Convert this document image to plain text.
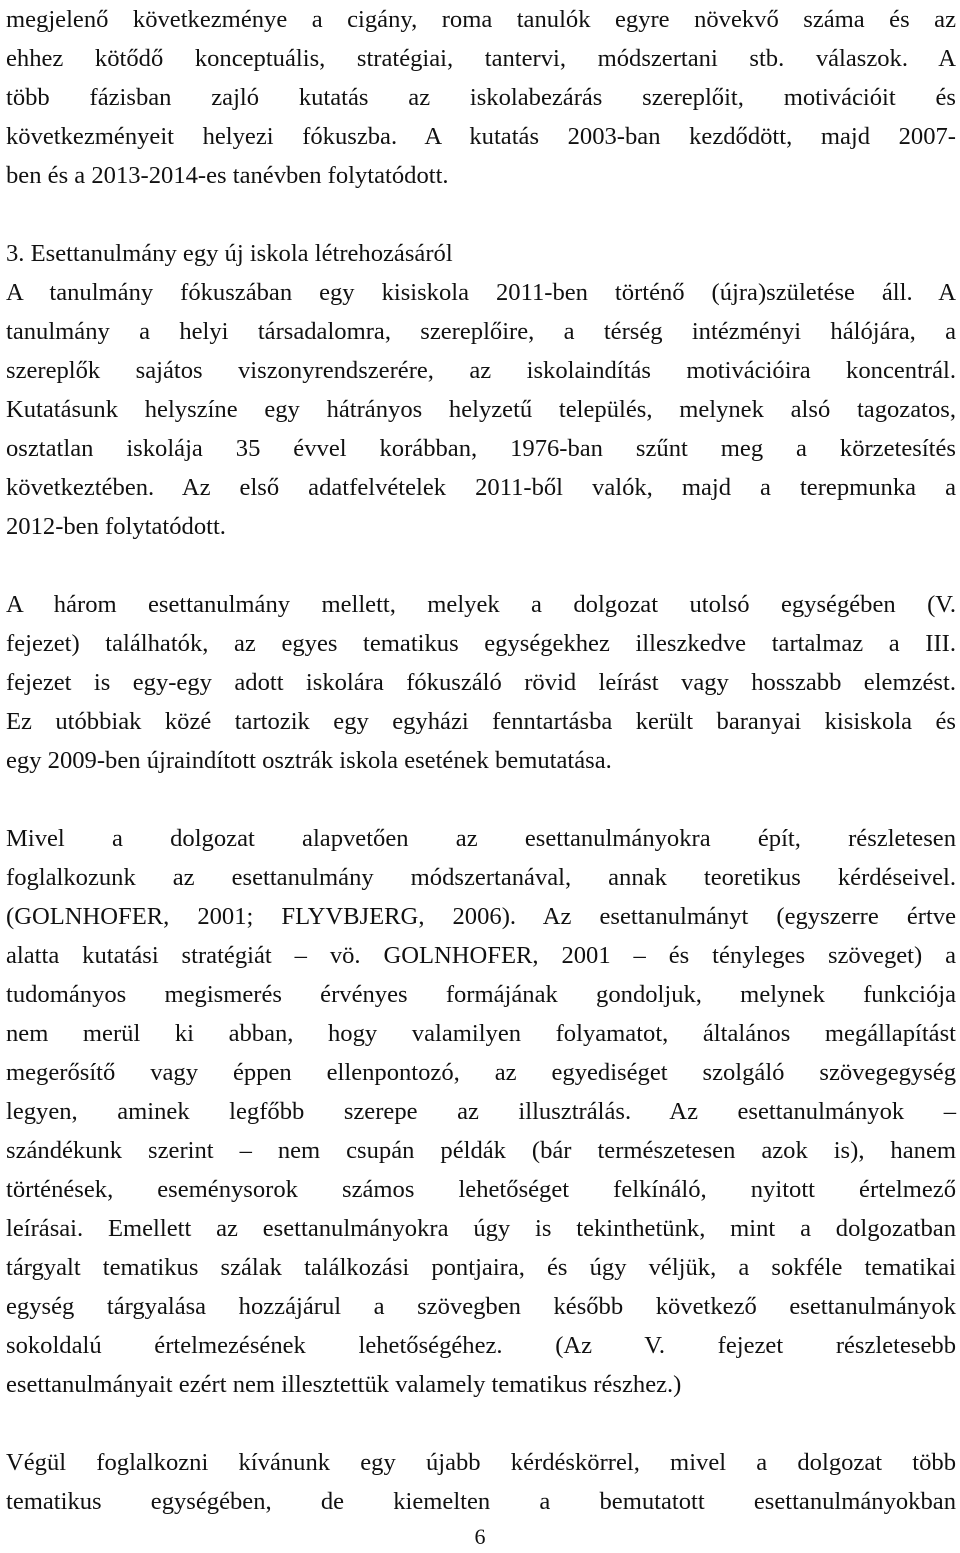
megjelenő következménye a cigány, roma tanulók egyre növekvő száma és az
ehhez kötődő konceptuális, stratégiai, tantervi, módszertani stb. válaszok. A
több fázisban zajló kutatás az iskolabezárás szereplőit, motivációit és
következményeit helyezi fókuszba. A kutatás 2003-ban kezdődött, majd 2007-
ben és a 2013-2014-es tanévben folytatódott.
3. Esettanulmány egy új iskola létrehozásáról
A tanulmány fókuszában egy kisiskola 2011-ben történő (újra)születése áll. A
tanulmány a helyi társadalomra, szereplőire, a térség intézményi hálójára, a
szereplők sajátos viszonyrendszerére, az iskolaindítás motivációira koncentrál.
Kutatásunk helyszíne egy hátrányos helyzetű település, melynek alsó tagozatos,
osztatlan iskolája 35 évvel korábban, 1976-ban szűnt meg a körzetesítés
következtében. Az első adatfelvételek 2011-ből valók, majd a terepmunka a
2012-ben folytatódott.
A három esettanulmány mellett, melyek a dolgozat utolsó egységében (V.
fejezet) találhatók, az egyes tematikus egységekhez illeszkedve tartalmaz a III.
fejezet is egy-egy adott iskolára fókuszáló rövid leírást vagy hosszabb elemzést.
Ez utóbbiak közé tartozik egy egyházi fenntartásba került baranyai kisiskola és
egy 2009-ben újraindított osztrák iskola esetének bemutatása.
Mivel a dolgozat alapvetően az esettanulmányokra épít, részletesen
foglalkozunk az esettanulmány módszertanával, annak teoretikus kérdéseivel.
(GOLNHOFER, 2001; FLYVBJERG, 2006). Az esettanulmányt (egyszerre értve
alatta kutatási stratégiát – vö. GOLNHOFER, 2001 – és tényleges szöveget) a
tudományos megismerés érvényes formájának gondoljuk, melynek funkciója
nem merül ki abban, hogy valamilyen folyamatot, általános megállapítást
megerősítő vagy éppen ellenpontozó, az egyediséget szolgáló szövegegység
legyen, aminek legfőbb szerepe az illusztrálás. Az esettanulmányok –
szándékunk szerint – nem csupán példák (bár természetesen azok is), hanem
történések, eseménysorok számos lehetőséget felkínáló, nyitott értelmező
leírásai. Emellett az esettanulmányokra úgy is tekinthetünk, mint a dolgozatban
tárgyalt tematikus szálak találkozási pontjaira, és úgy véljük, a sokféle tematikai
egység tárgyalása hozzájárul a szövegben később következő esettanulmányok
sokoldalú értelmezésének lehetőségéhez. (Az V. fejezet részletesebb
esettanulmányait ezért nem illesztettük valamely tematikus részhez.)
Végül foglalkozni kívánunk egy újabb kérdéskörrel, mivel a dolgozat több
tematikus egységében, de kiemelten a bemutatott esettanulmányokban
6
